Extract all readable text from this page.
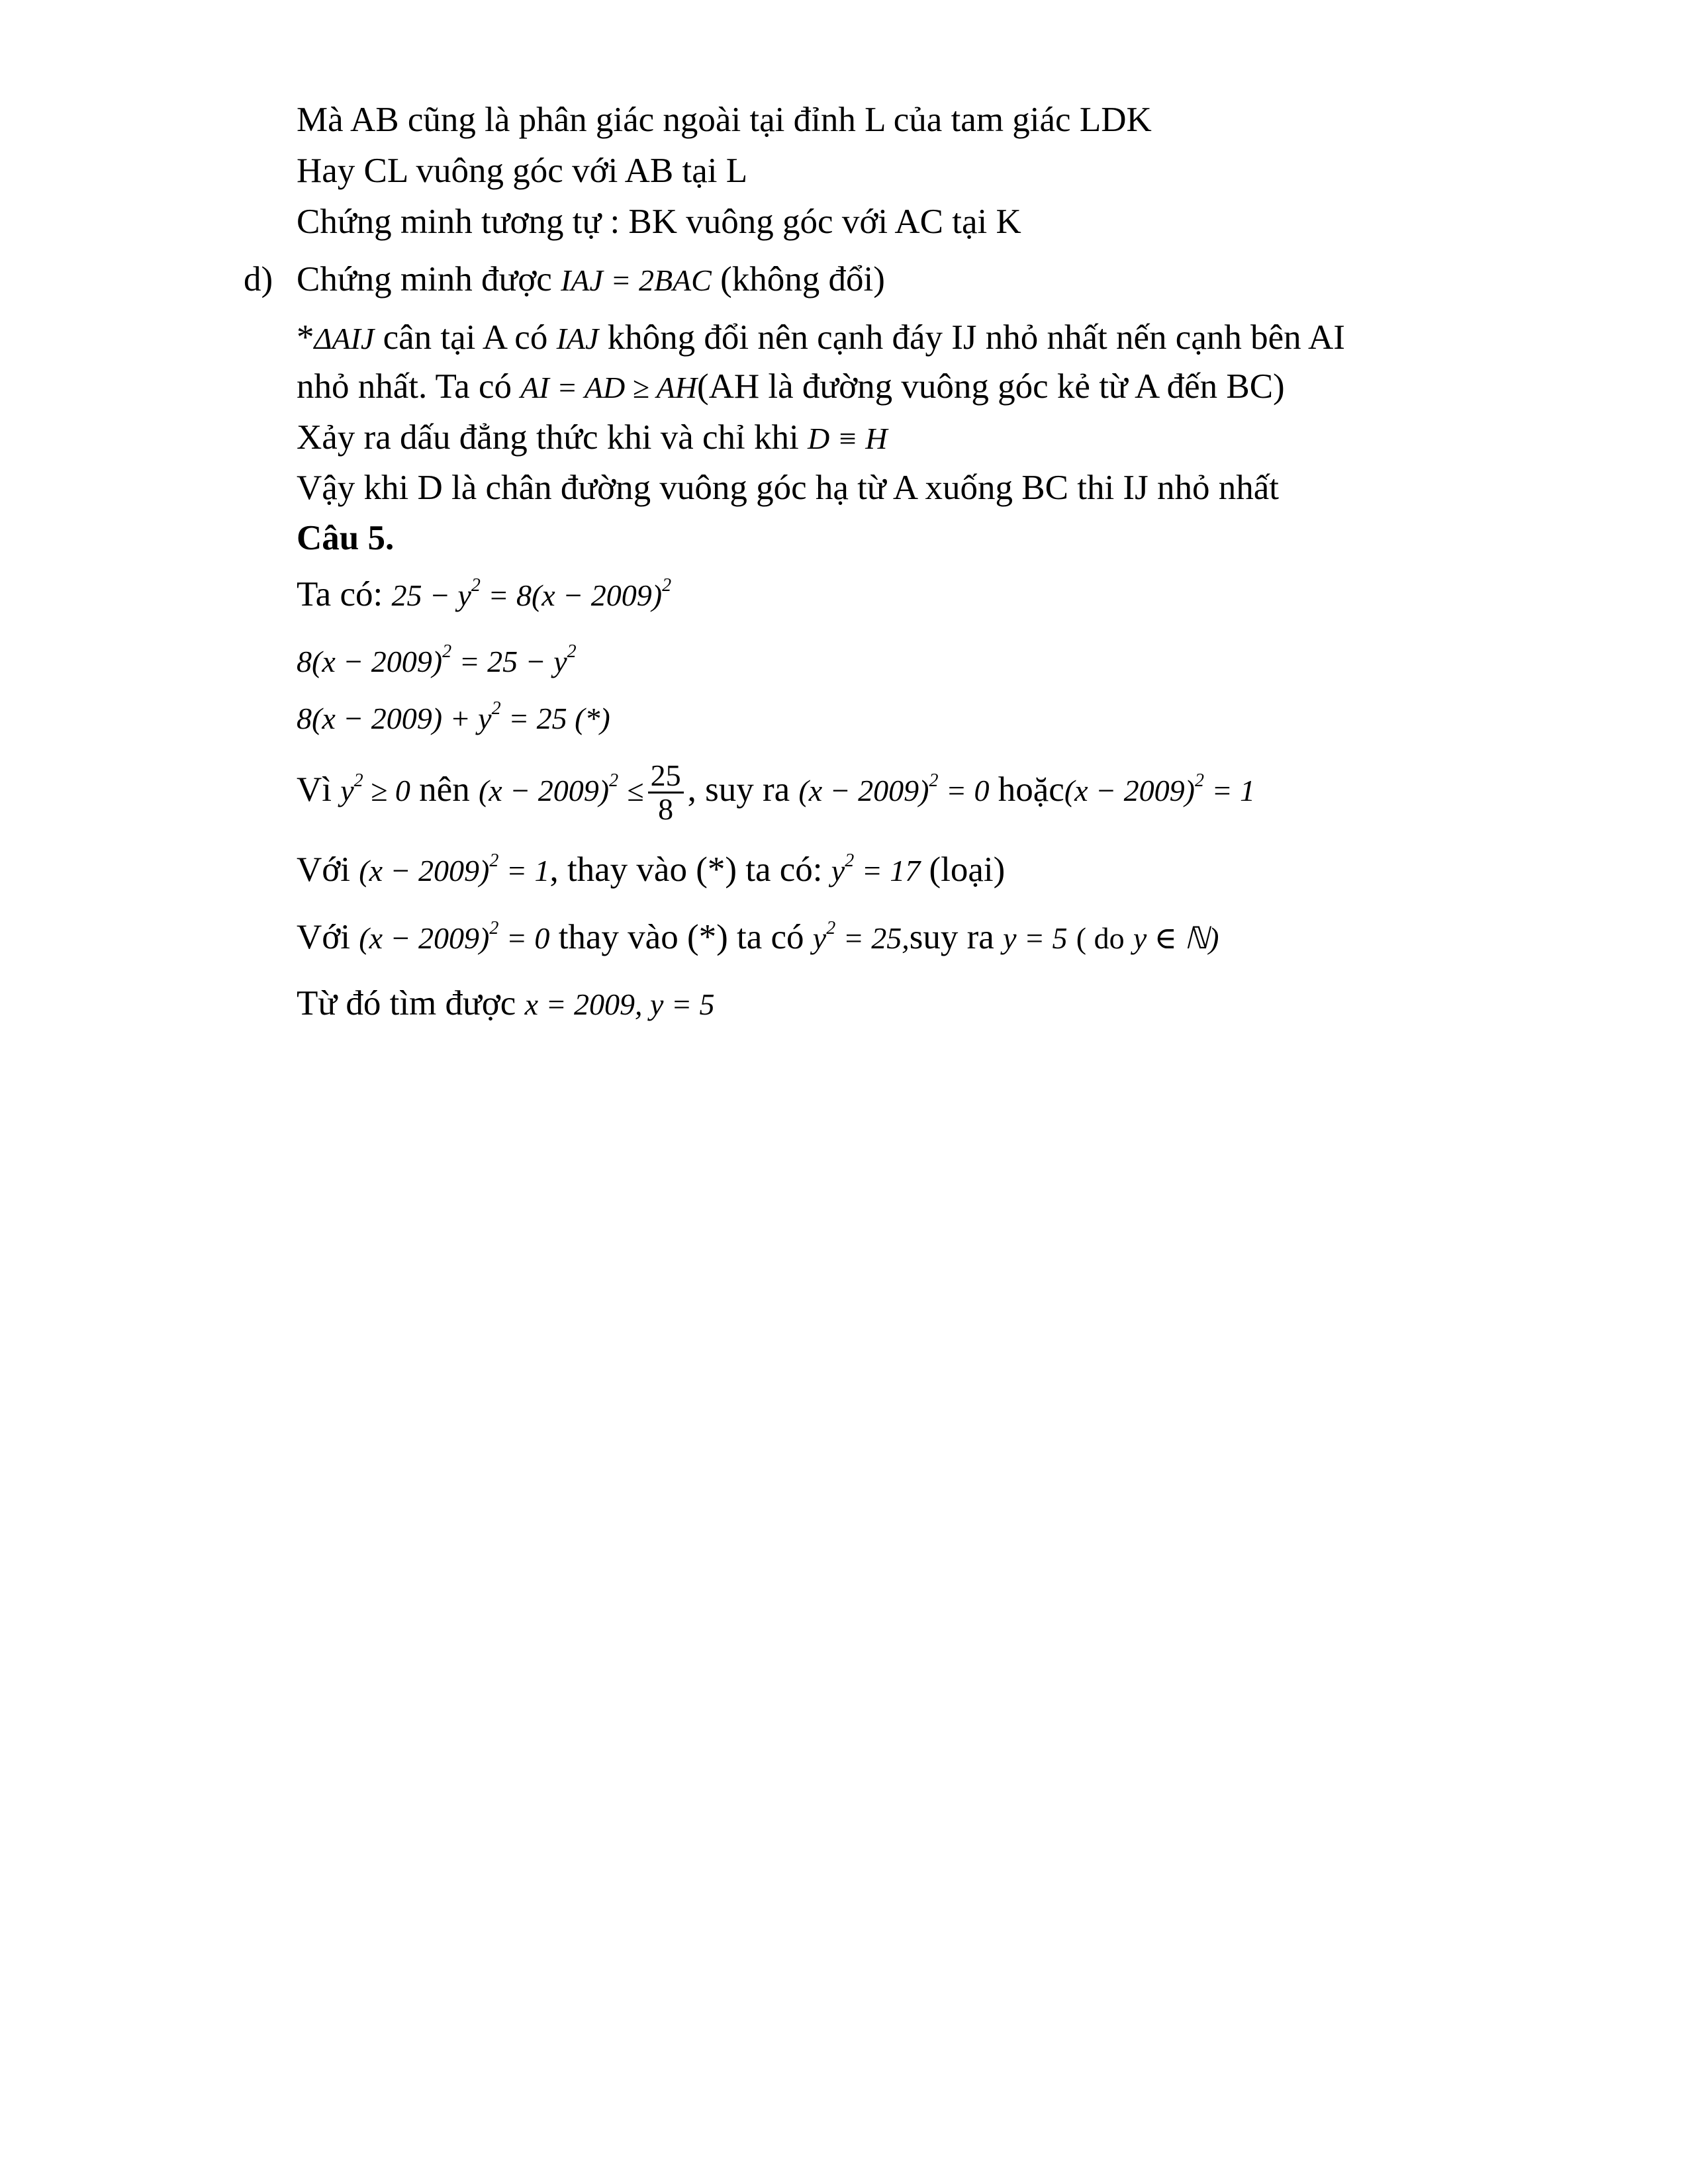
Mà AB cũng là phân giác ngoài tại đỉnh L của tam giác LDK
Hay CL vuông góc với AB tại L
Chứng minh tương tự : BK vuông góc với AC tại K
d) Chứng minh được IAJ = 2BAC (không đổi)
*ΔAIJ cân tại A có IAJ không đổi nên cạnh đáy IJ nhỏ nhất nến cạnh bên AI
nhỏ nhất. Ta có AI = AD ≥ AH(AH là đường vuông góc kẻ từ A đến BC)
Xảy ra dấu đẳng thức khi và chỉ khi D ≡ H
Vậy khi D là chân đường vuông góc hạ từ A xuống BC thi IJ nhỏ nhất
Câu 5.
Ta có: $25 - y^2 = 8(x - 2009)^2$
$8(x - 2009)^2 = 25 - y^2$
$8(x - 2009) + y^2 = 25$ (*)
Vì $y^2 \ge 0$ nên $(x - 2009)^2 \le \frac{25}{8}$ , suy ra $(x - 2009)^2 = 0$ hoặc(x − 2009)$^2$ = 1
Với $(x - 2009)^2 = 1$, thay vào (*) ta có: $y^2 = 17$ (loại)
Với $(x - 2009)^2 = 0$ thay vào (*) ta có $y^2 = 25,suy$ ra y = 5 ( do y ∈ ℕ)
Từ đó tìm được x = 2009, y = 5
